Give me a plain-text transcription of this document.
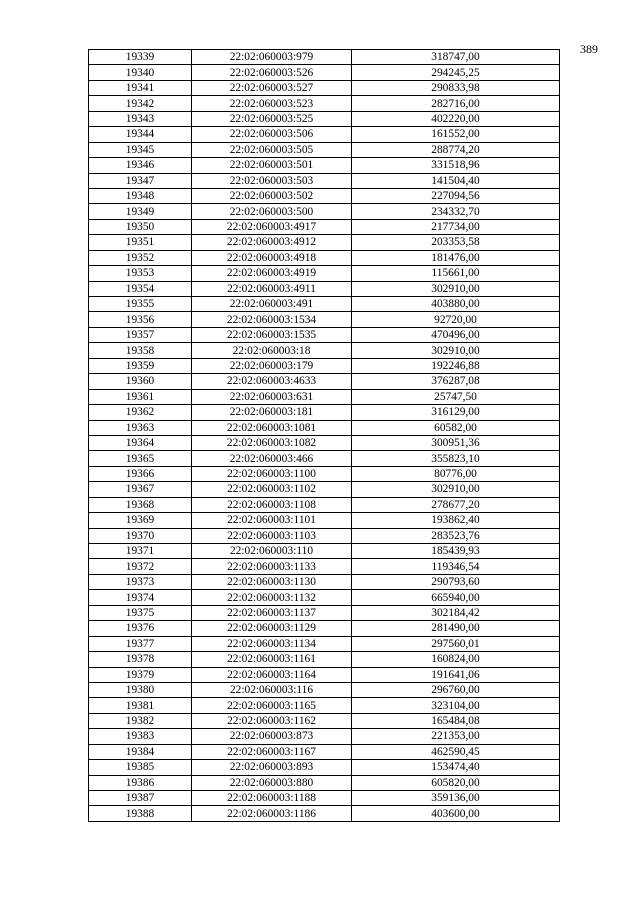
389
19339	22:02:060003:979	318747,00
19340	22:02:060003:526	294245,25
19341	22:02:060003:527	290833,98
19342	22:02:060003:523	282716,00
19343	22:02:060003:525	402220,00
19344	22:02:060003:506	161552,00
19345	22:02:060003:505	288774,20
19346	22:02:060003:501	331518,96
19347	22:02:060003:503	141504,40
19348	22:02:060003:502	227094,56
19349	22:02:060003:500	234332,70
19350	22:02:060003:4917	217734,00
19351	22:02:060003:4912	203353,58
19352	22:02:060003:4918	181476,00
19353	22:02:060003:4919	115661,00
19354	22:02:060003:4911	302910,00
19355	22:02:060003:491	403880,00
19356	22:02:060003:1534	92720,00
19357	22:02:060003:1535	470496,00
19358	22:02:060003:18	302910,00
19359	22:02:060003:179	192246,88
19360	22:02:060003:4633	376287,08
19361	22:02:060003:631	25747,50
19362	22:02:060003:181	316129,00
19363	22:02:060003:1081	60582,00
19364	22:02:060003:1082	300951,36
19365	22:02:060003:466	355823,10
19366	22:02:060003:1100	80776,00
19367	22:02:060003:1102	302910,00
19368	22:02:060003:1108	278677,20
19369	22:02:060003:1101	193862,40
19370	22:02:060003:1103	283523,76
19371	22:02:060003:110	185439,93
19372	22:02:060003:1133	119346,54
19373	22:02:060003:1130	290793,60
19374	22:02:060003:1132	665940,00
19375	22:02:060003:1137	302184,42
19376	22:02:060003:1129	281490,00
19377	22:02:060003:1134	297560,01
19378	22:02:060003:1161	160824,00
19379	22:02:060003:1164	191641,06
19380	22:02:060003:116	296760,00
19381	22:02:060003:1165	323104,00
19382	22:02:060003:1162	165484,08
19383	22:02:060003:873	221353,00
19384	22:02:060003:1167	462590,45
19385	22:02:060003:893	153474,40
19386	22:02:060003:880	605820,00
19387	22:02:060003:1188	359136,00
19388	22:02:060003:1186	403600,00
